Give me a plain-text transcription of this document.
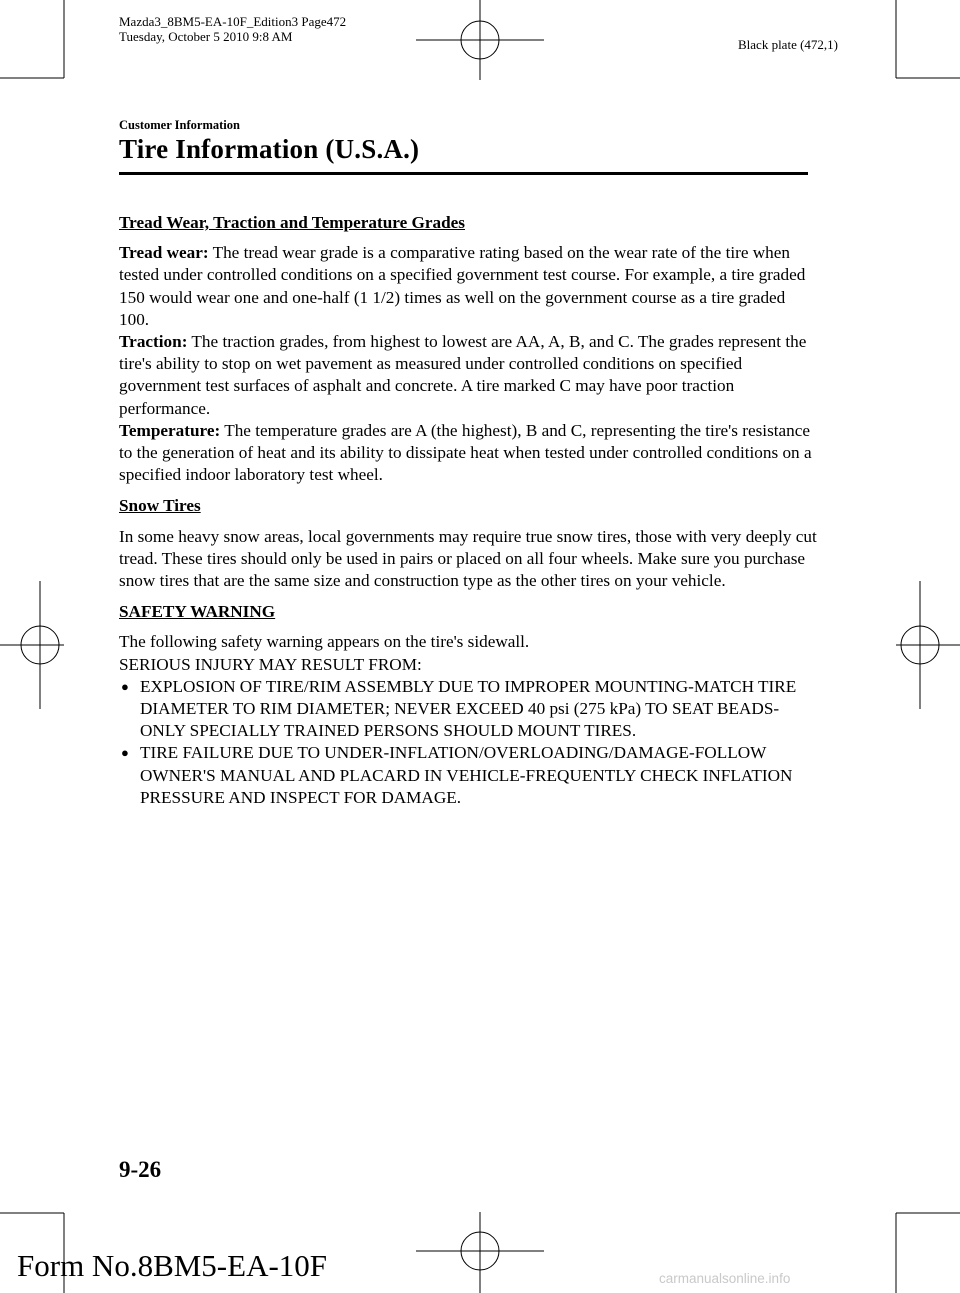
Mazda3_8BM5-EA-10F_Edition3 Page472
Tuesday, October 5 2010 9:8 AM
Black plate (472,1)
Customer Information
Tire Information (U.S.A.)

Tread Wear, Traction and Temperature Grades

Tread wear: The tread wear grade is a comparative rating based on the wear rate of the tire when tested under controlled conditions on a specified government test course. For example, a tire graded 150 would wear one and one-half (1 1/2) times as well on the government course as a tire graded 100.

Traction: The traction grades, from highest to lowest are AA, A, B, and C. The grades represent the tire's ability to stop on wet pavement as measured under controlled conditions on specified government test surfaces of asphalt and concrete. A tire marked C may have poor traction performance.

Temperature: The temperature grades are A (the highest), B and C, representing the tire's resistance to the generation of heat and its ability to dissipate heat when tested under controlled conditions on a specified indoor laboratory test wheel.

Snow Tires

In some heavy snow areas, local governments may require true snow tires, those with very deeply cut tread. These tires should only be used in pairs or placed on all four wheels. Make sure you purchase snow tires that are the same size and construction type as the other tires on your vehicle.

SAFETY WARNING

The following safety warning appears on the tire's sidewall.

SERIOUS INJURY MAY RESULT FROM:

● EXPLOSION OF TIRE/RIM ASSEMBLY DUE TO IMPROPER MOUNTING-MATCH TIRE DIAMETER TO RIM DIAMETER; NEVER EXCEED 40 psi (275 kPa) TO SEAT BEADS-ONLY SPECIALLY TRAINED PERSONS SHOULD MOUNT TIRES.
● TIRE FAILURE DUE TO UNDER-INFLATION/OVERLOADING/DAMAGE-FOLLOW OWNER'S MANUAL AND PLACARD IN VEHICLE-FREQUENTLY CHECK INFLATION PRESSURE AND INSPECT FOR DAMAGE.
9-26
Form No.8BM5-EA-10F	carmanualsonline.info
